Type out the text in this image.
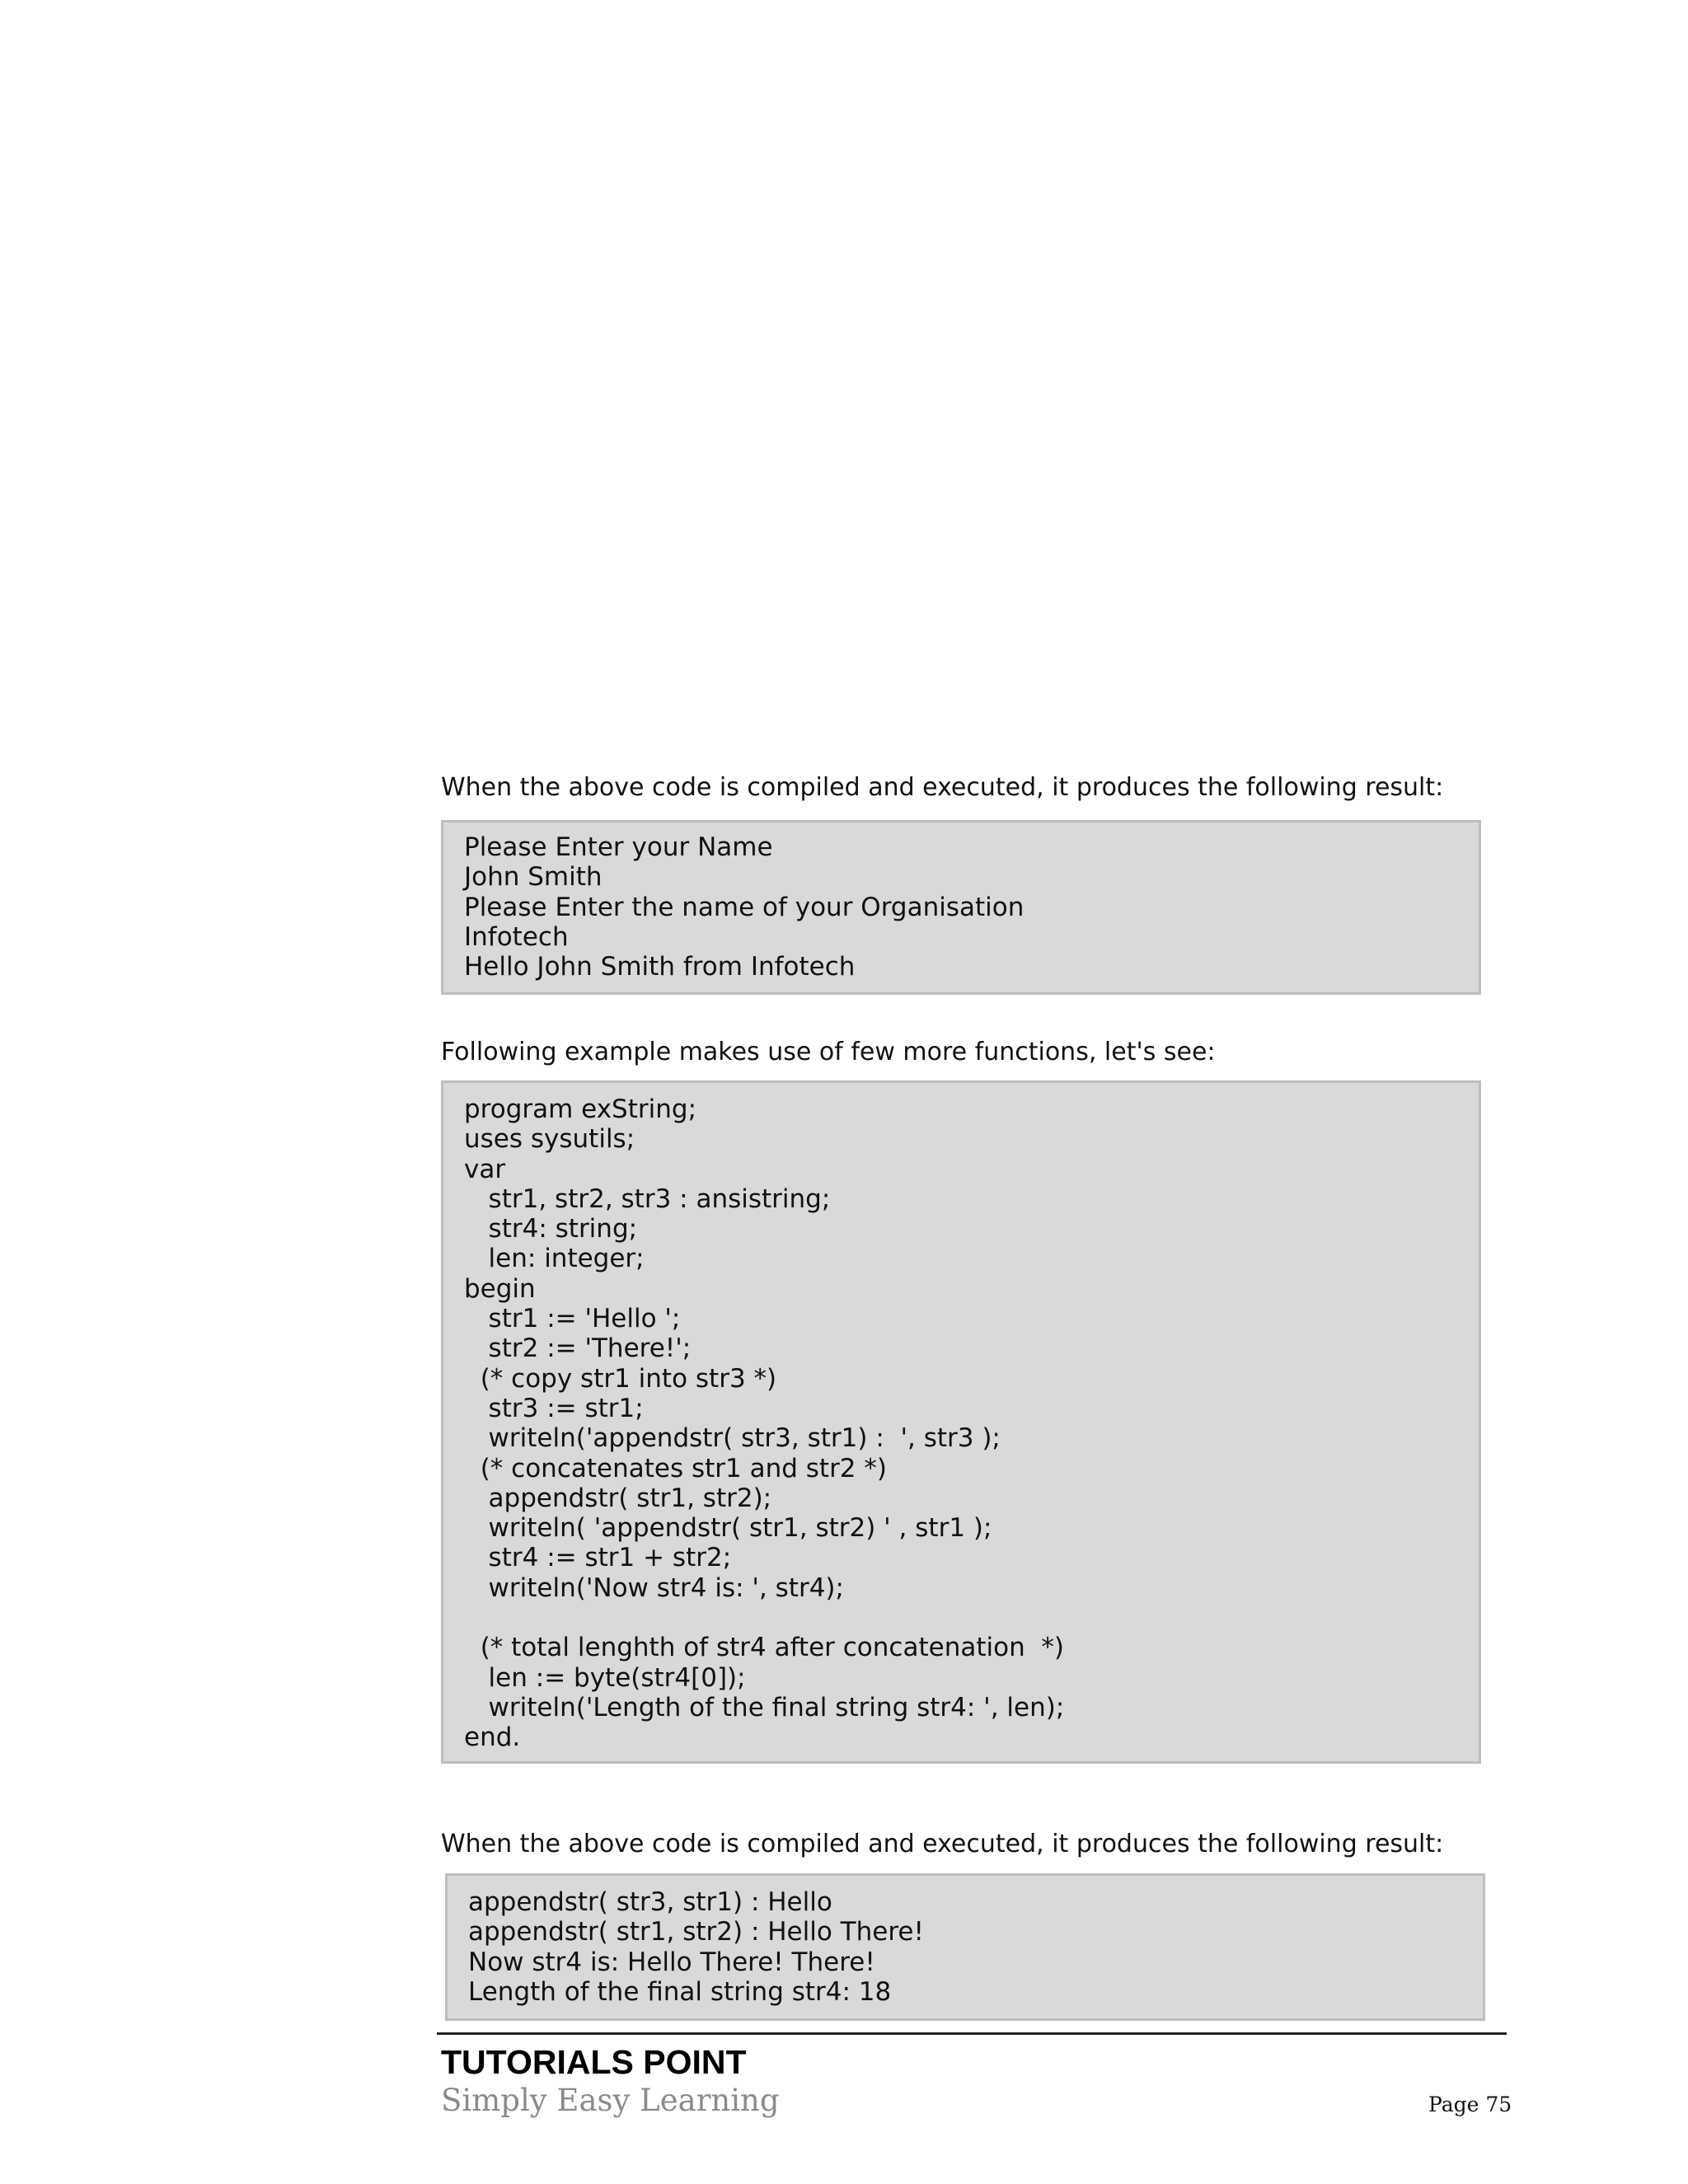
When the above code is compiled and executed, it produces the following result:

Please Enter your Name
John Smith
Please Enter the name of your Organisation
Infotech
Hello John Smith from Infotech

Following example makes use of few more functions, let's see:

program exString;
uses sysutils;
var
str1, str2, str3 : ansistring;
str4: string;
len: integer;
begin
str1 := 'Hello ';
str2 := 'There!';
(* copy str1 into str3 *)
str3 := str1;
writeln('appendstr( str3, str1) :  ', str3 );
(* concatenates str1 and str2 *)
appendstr( str1, str2);
writeln( 'appendstr( str1, str2) ' , str1 );
str4 := str1 + str2;
writeln('Now str4 is: ', str4);
(* total lenghth of str4 after concatenation  *)
len := byte(str4[0]);
writeln('Length of the final string str4: ', len);
end.

When the above code is compiled and executed, it produces the following result:

appendstr( str3, str1) : Hello
appendstr( str1, str2) : Hello There!
Now str4 is: Hello There! There!
Length of the final string str4: 18
TUTORIALS POINT
Simply Easy Learning	Page 75
